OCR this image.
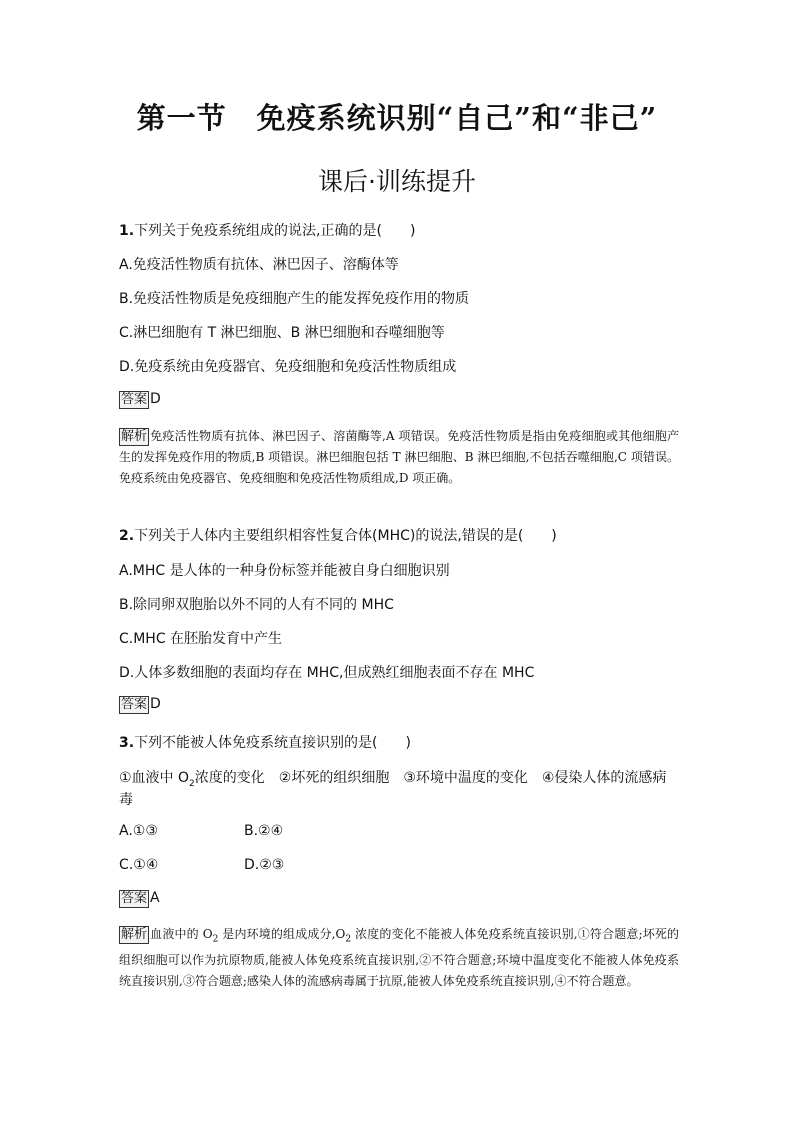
第一节　免疫系统识别“自己”和“非己”
课后·训练提升
1.下列关于免疫系统组成的说法,正确的是(　　)
A.免疫活性物质有抗体、淋巴因子、溶酶体等
B.免疫活性物质是免疫细胞产生的能发挥免疫作用的物质
C.淋巴细胞有 T 淋巴细胞、B 淋巴细胞和吞噬细胞等
D.免疫系统由免疫器官、免疫细胞和免疫活性物质组成
答案 D
解析 免疫活性物质有抗体、淋巴因子、溶菌酶等,A 项错误。免疫活性物质是指由免疫细胞或其他细胞产生的发挥免疫作用的物质,B 项错误。淋巴细胞包括 T 淋巴细胞、B 淋巴细胞,不包括吞噬细胞,C 项错误。免疫系统由免疫器官、免疫细胞和免疫活性物质组成,D 项正确。
2.下列关于人体内主要组织相容性复合体(MHC)的说法,错误的是(　　)
A.MHC 是人体的一种身份标签并能被自身白细胞识别
B.除同卵双胞胎以外不同的人有不同的 MHC
C.MHC 在胚胎发育中产生
D.人体多数细胞的表面均存在 MHC,但成熟红细胞表面不存在 MHC
答案 D
3.下列不能被人体免疫系统直接识别的是(　　)
①血液中 $O_2$浓度的变化　②坏死的组织细胞　③环境中温度的变化　④侵染人体的流感病
毒
A.①③	B.②④
C.①④	D.②③
答案 A
解析 血液中的 $O_2$ 是内环境的组成成分$,O_2$ 浓度的变化不能被人体免疫系统直接识别,①符合题意;坏死的组织细胞可以作为抗原物质,能被人体免疫系统直接识别,②不符合题意;环境中温度变化不能被人体免疫系统直接识别,③符合题意;感染人体的流感病毒属于抗原,能被人体免疫系统直接识别,④不符合题意。
